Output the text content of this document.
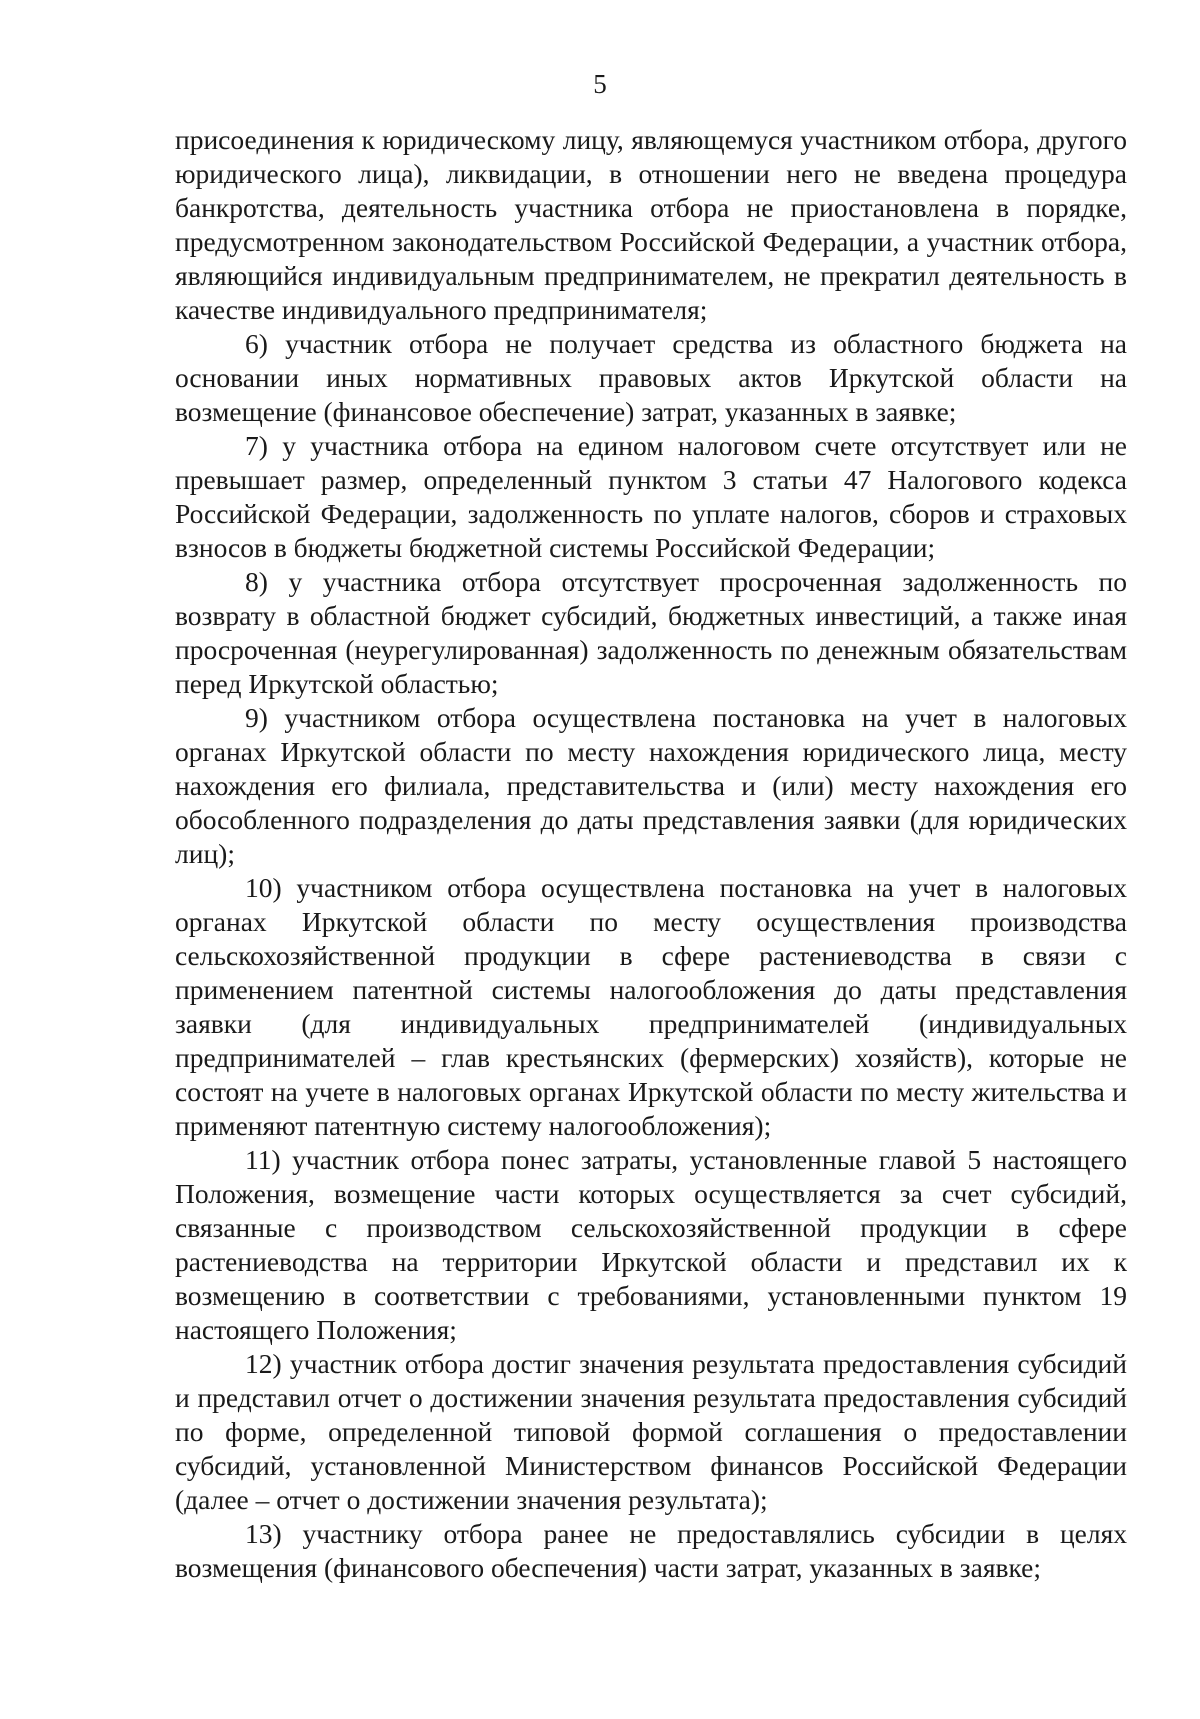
5

присоединения к юридическому лицу, являющемуся участником отбора, другого юридического лица), ликвидации, в отношении него не введена процедура банкротства, деятельность участника отбора не приостановлена в порядке, предусмотренном законодательством Российской Федерации, а участник отбора, являющийся индивидуальным предпринимателем, не прекратил деятельность в качестве индивидуального предпринимателя;

6) участник отбора не получает средства из областного бюджета на основании иных нормативных правовых актов Иркутской области на возмещение (финансовое обеспечение) затрат, указанных в заявке;

7) у участника отбора на едином налоговом счете отсутствует или не превышает размер, определенный пунктом 3 статьи 47 Налогового кодекса Российской Федерации, задолженность по уплате налогов, сборов и страховых взносов в бюджеты бюджетной системы Российской Федерации;

8) у участника отбора отсутствует просроченная задолженность по возврату в областной бюджет субсидий, бюджетных инвестиций, а также иная просроченная (неурегулированная) задолженность по денежным обязательствам перед Иркутской областью;

9) участником отбора осуществлена постановка на учет в налоговых органах Иркутской области по месту нахождения юридического лица, месту нахождения его филиала, представительства и (или) месту нахождения его обособленного подразделения до даты представления заявки (для юридических лиц);

10) участником отбора осуществлена постановка на учет в налоговых органах Иркутской области по месту осуществления производства сельскохозяйственной продукции в сфере растениеводства в связи с применением патентной системы налогообложения до даты представления заявки (для индивидуальных предпринимателей (индивидуальных предпринимателей – глав крестьянских (фермерских) хозяйств), которые не состоят на учете в налоговых органах Иркутской области по месту жительства и применяют патентную систему налогообложения);

11) участник отбора понес затраты, установленные главой 5 настоящего Положения, возмещение части которых осуществляется за счет субсидий, связанные с производством сельскохозяйственной продукции в сфере растениеводства на территории Иркутской области и представил их к возмещению в соответствии с требованиями, установленными пунктом 19 настоящего Положения;

12) участник отбора достиг значения результата предоставления субсидий и представил отчет о достижении значения результата предоставления субсидий по форме, определенной типовой формой соглашения о предоставлении субсидий, установленной Министерством финансов Российской Федерации (далее – отчет о достижении значения результата);

13) участнику отбора ранее не предоставлялись субсидии в целях возмещения (финансового обеспечения) части затрат, указанных в заявке;
